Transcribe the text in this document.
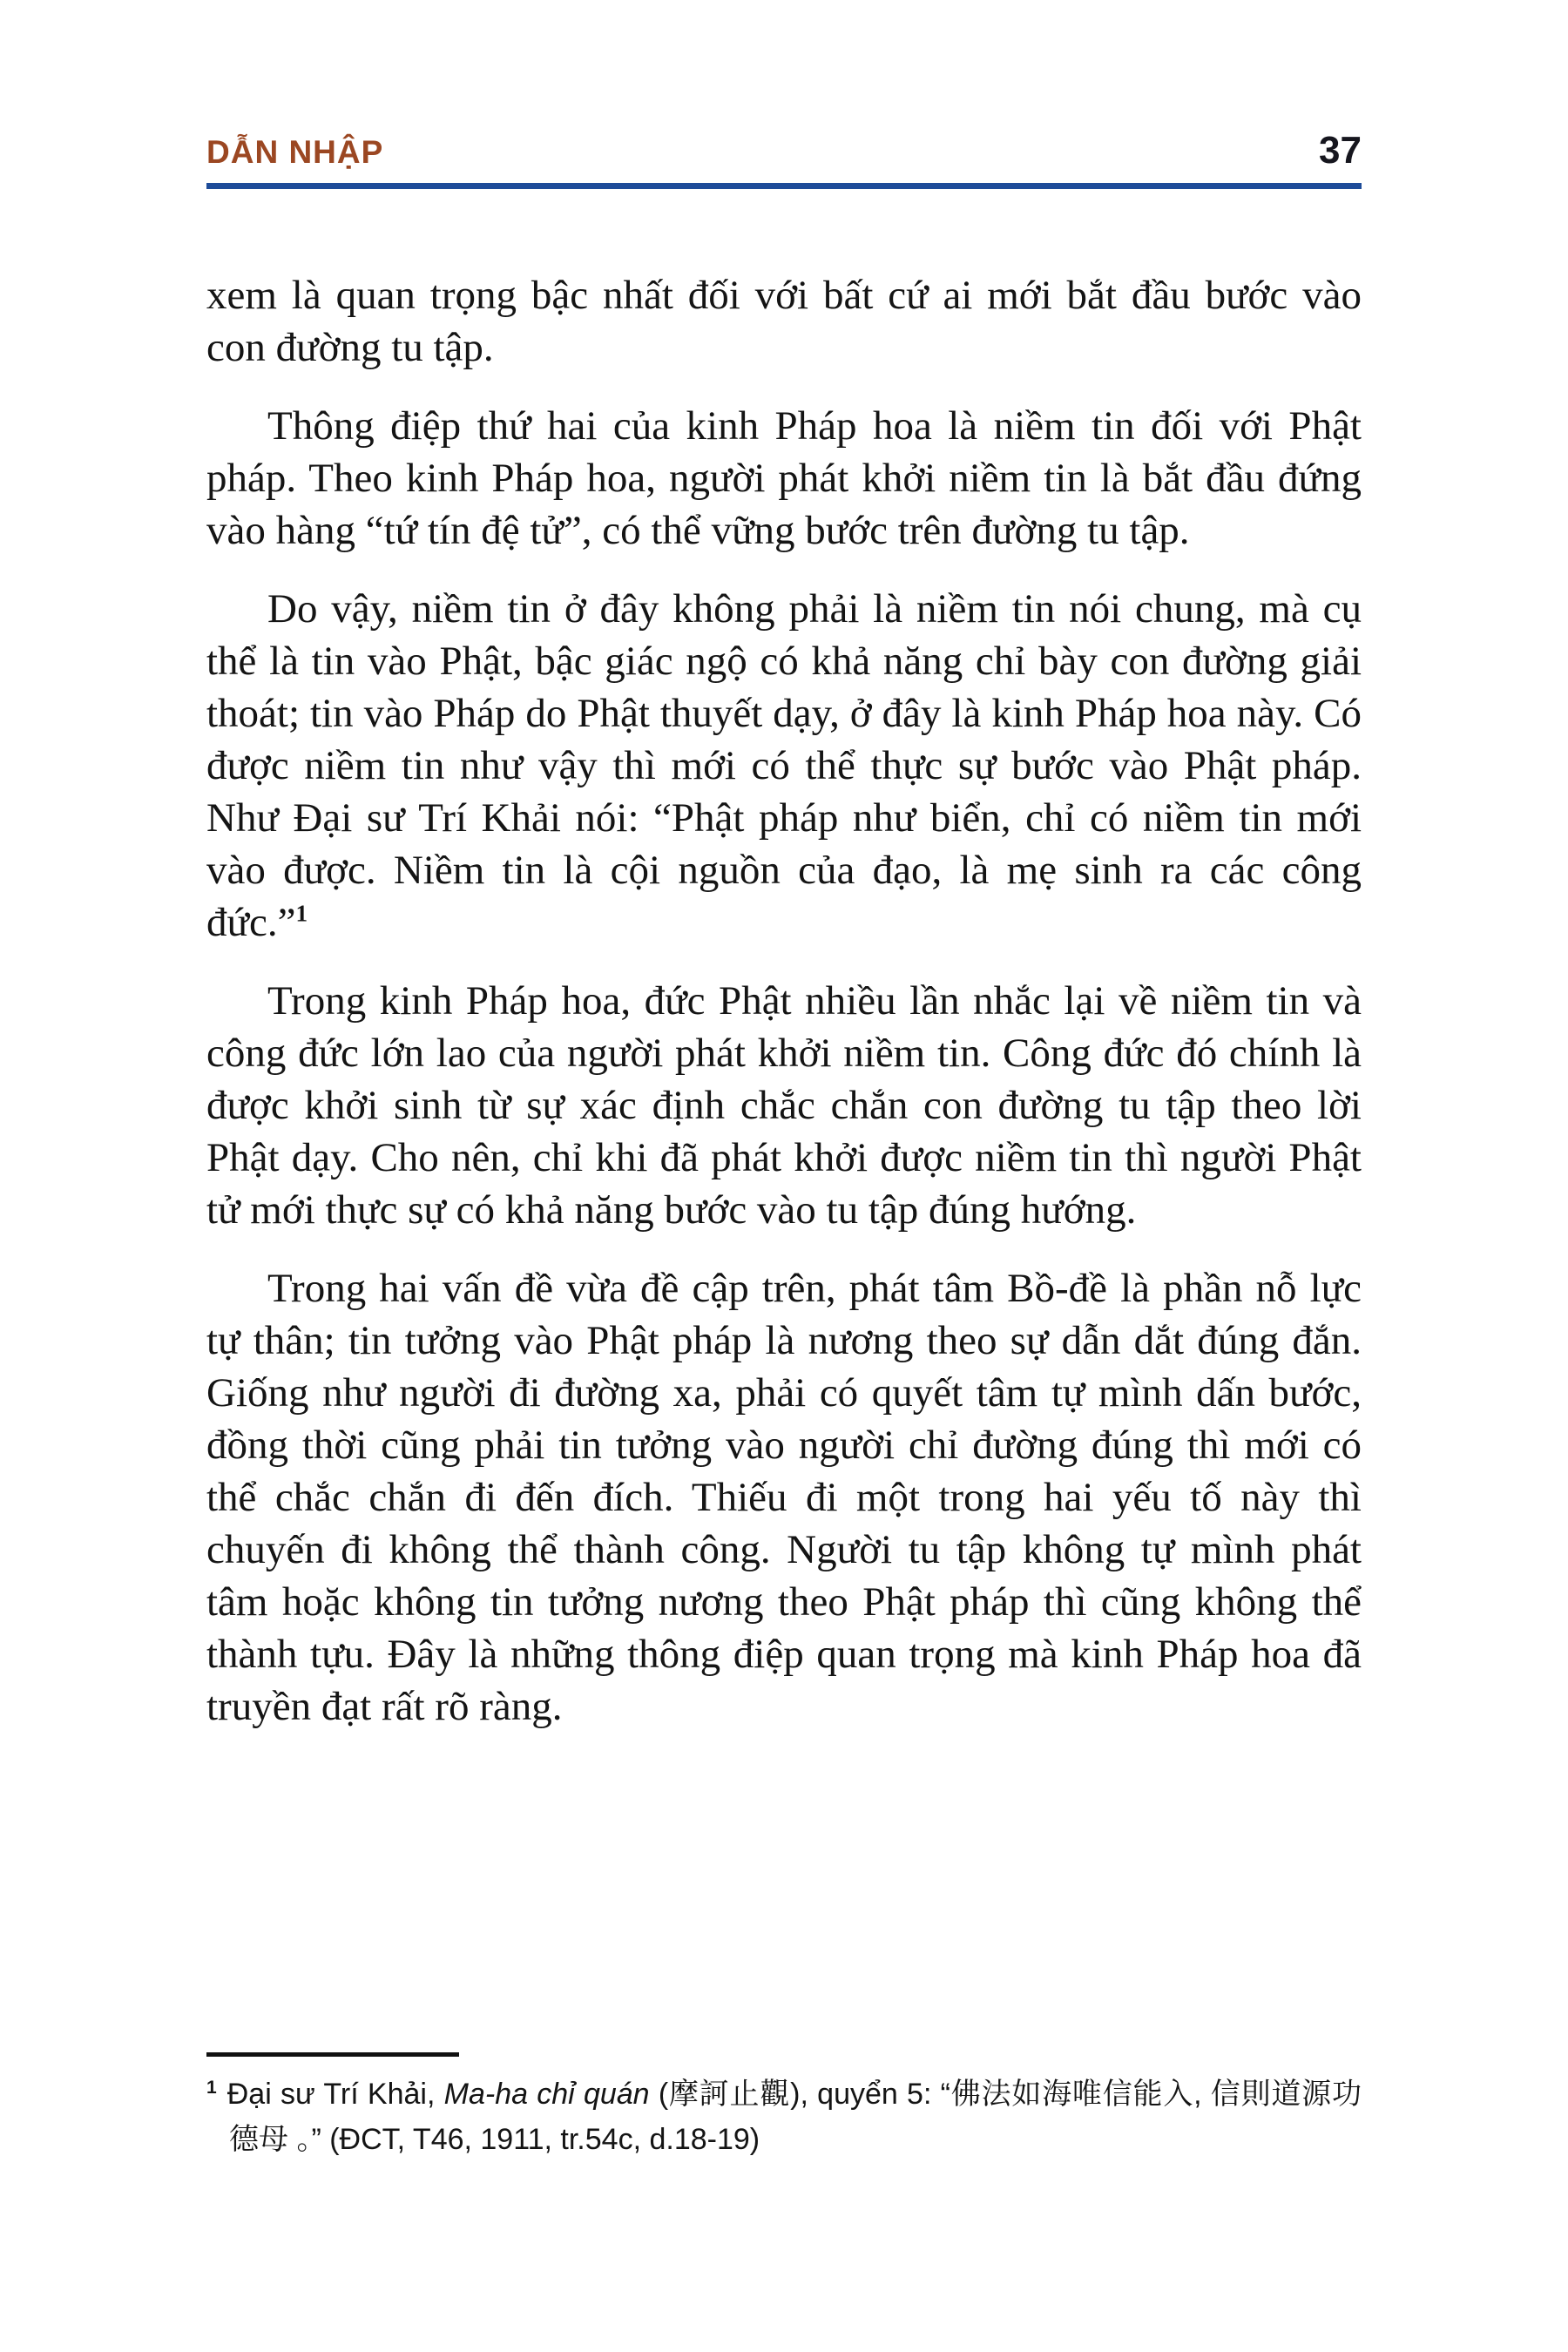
DẪN NHẬP	37

xem là quan trọng bậc nhất đối với bất cứ ai mới bắt đầu bước vào con đường tu tập.

Thông điệp thứ hai của kinh Pháp hoa là niềm tin đối với Phật pháp. Theo kinh Pháp hoa, người phát khởi niềm tin là bắt đầu đứng vào hàng “tứ tín đệ tử”, có thể vững bước trên đường tu tập.

Do vậy, niềm tin ở đây không phải là niềm tin nói chung, mà cụ thể là tin vào Phật, bậc giác ngộ có khả năng chỉ bày con đường giải thoát; tin vào Pháp do Phật thuyết dạy, ở đây là kinh Pháp hoa này. Có được niềm tin như vậy thì mới có thể thực sự bước vào Phật pháp. Như Đại sư Trí Khải nói: “Phật pháp như biển, chỉ có niềm tin mới vào được. Niềm tin là cội nguồn của đạo, là mẹ sinh ra các công đức.”$^1$

Trong kinh Pháp hoa, đức Phật nhiều lần nhắc lại về niềm tin và công đức lớn lao của người phát khởi niềm tin. Công đức đó chính là được khởi sinh từ sự xác định chắc chắn con đường tu tập theo lời Phật dạy. Cho nên, chỉ khi đã phát khởi được niềm tin thì người Phật tử mới thực sự có khả năng bước vào tu tập đúng hướng.

Trong hai vấn đề vừa đề cập trên, phát tâm Bồ-đề là phần nỗ lực tự thân; tin tưởng vào Phật pháp là nương theo sự dẫn dắt đúng đắn. Giống như người đi đường xa, phải có quyết tâm tự mình dấn bước, đồng thời cũng phải tin tưởng vào người chỉ đường đúng thì mới có thể chắc chắn đi đến đích. Thiếu đi một trong hai yếu tố này thì chuyến đi không thể thành công. Người tu tập không tự mình phát tâm hoặc không tin tưởng nương theo Phật pháp thì cũng không thể thành tựu. Đây là những thông điệp quan trọng mà kinh Pháp hoa đã truyền đạt rất rõ ràng.

$^1$ Đại sư Trí Khải, Ma-ha chỉ quán (摩訶止觀), quyển 5: “佛法如海唯信能入, 信則道源功德母 。” (ĐCT, T46, 1911, tr.54c, d.18-19)
